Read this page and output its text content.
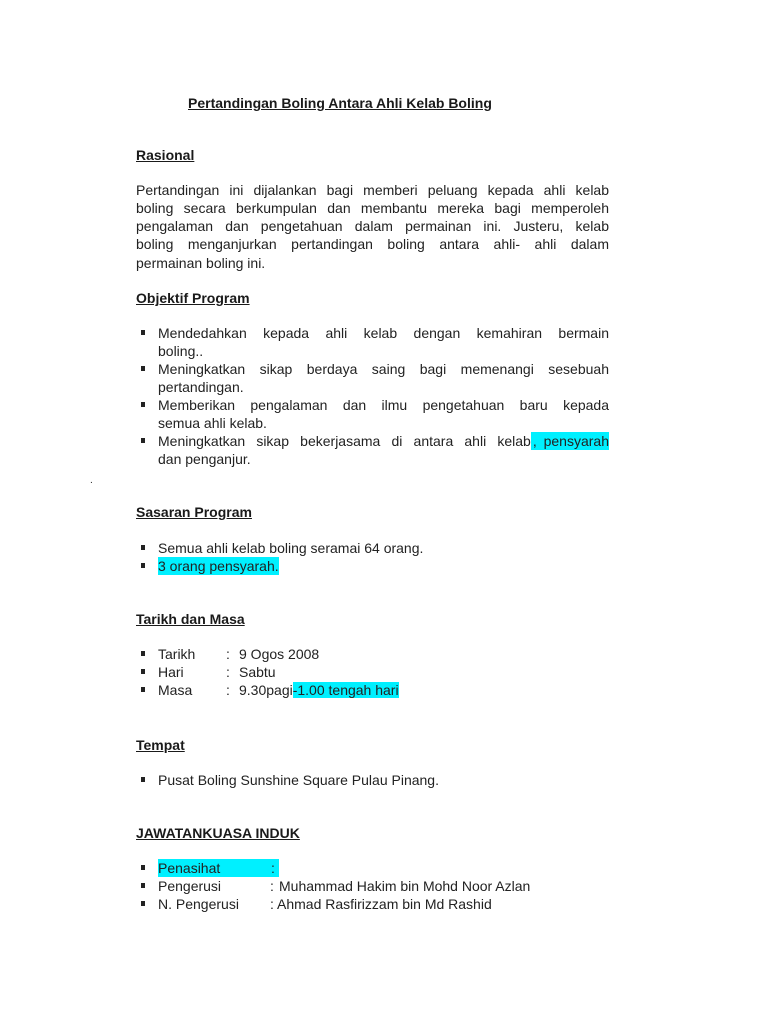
Pertandingan Boling Antara Ahli Kelab Boling
Rasional
Pertandingan ini dijalankan bagi memberi peluang kepada ahli kelab
boling secara berkumpulan dan membantu mereka bagi memperoleh
pengalaman dan pengetahuan dalam permainan ini. Justeru, kelab
boling menganjurkan pertandingan boling antara ahli- ahli dalam
permainan boling ini.
Objektif Program
Mendedahkan kepada ahli kelab dengan kemahiran bermain
boling..
Meningkatkan sikap berdaya saing bagi memenangi sesebuah
pertandingan.
Memberikan pengalaman dan ilmu pengetahuan baru kepada
semua ahli kelab.
Meningkatkan sikap bekerjasama di antara ahli kelab , pensyarah
dan penganjur.
.
Sasaran Program
Semua ahli kelab boling seramai 64 orang.
3 orang pensyarah.
Tarikh dan Masa
Tarikh : 9 Ogos 2008
Hari	: Sabtu
Masa : 9.30pagi-1.00 tengah hari
Tempat
Pusat Boling Sunshine Square Pulau Pinang.
JAWATANKUASA INDUK
Penasihat	:
Pengerusi	: Muhammad Hakim bin Mohd Noor Azlan
N. Pengerusi : Ahmad Rasfirizzam bin Md Rashid
